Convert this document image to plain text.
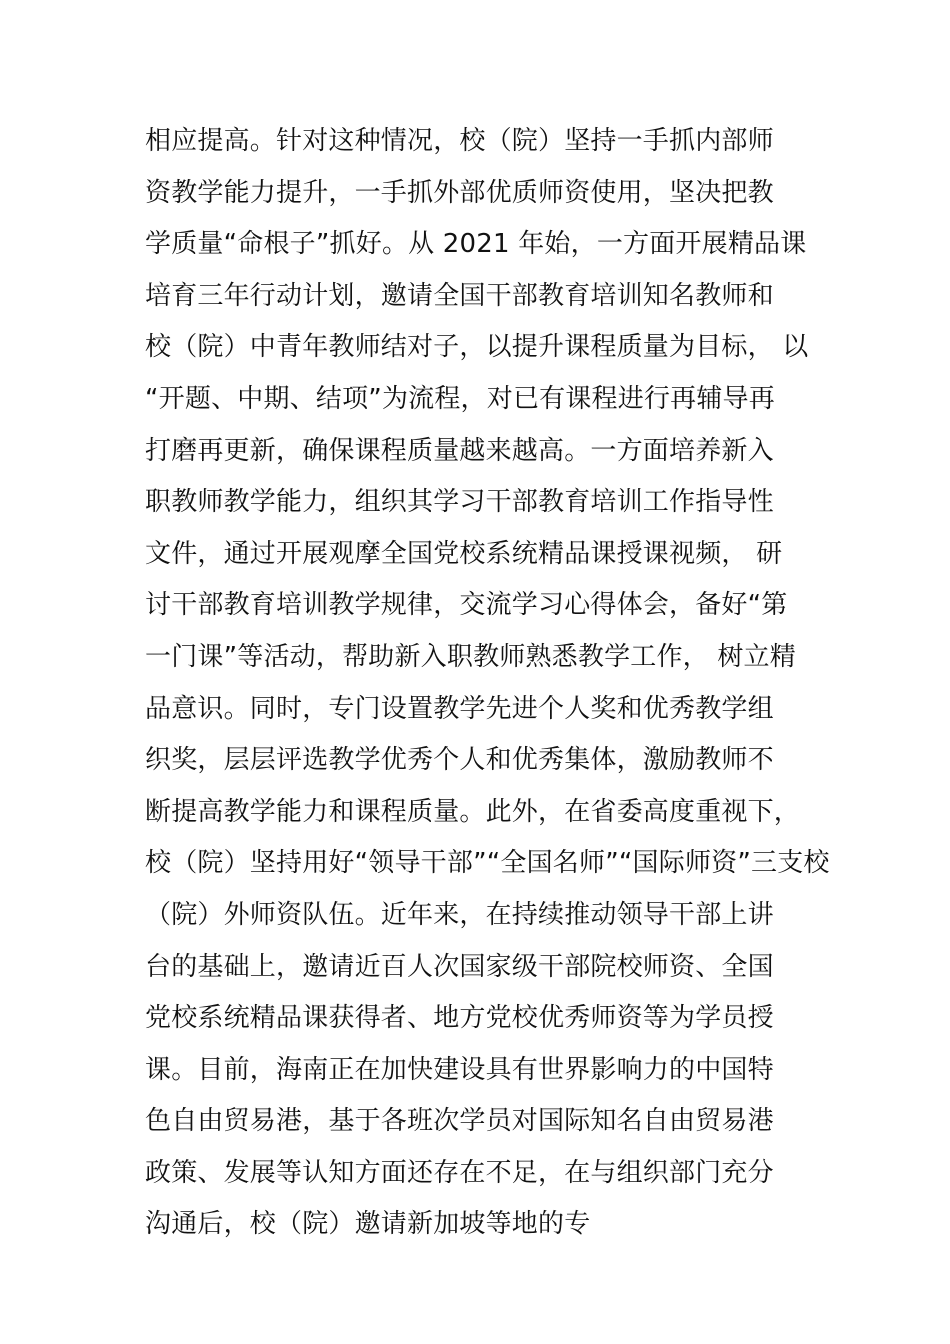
相应提高。针对这种情况，校（院）坚持一手抓内部师
资教学能力提升，一手抓外部优质师资使用，坚决把教
学质量“命根子”抓好。从 2021 年始，一方面开展精品课
培育三年行动计划，邀请全国干部教育培训知名教师和
校（院）中青年教师结对子，以提升课程质量为目标， 以
“开题、中期、结项”为流程，对已有课程进行再辅导再
打磨再更新，确保课程质量越来越高。一方面培养新入
职教师教学能力，组织其学习干部教育培训工作指导性
文件，通过开展观摩全国党校系统精品课授课视频， 研
讨干部教育培训教学规律，交流学习心得体会，备好“第
一门课”等活动，帮助新入职教师熟悉教学工作， 树立精
品意识。同时，专门设置教学先进个人奖和优秀教学组
织奖，层层评选教学优秀个人和优秀集体，激励教师不
断提高教学能力和课程质量。此外，在省委高度重视下，
校（院）坚持用好“领导干部”“全国名师”“国际师资”三支校
（院）外师资队伍。近年来，在持续推动领导干部上讲
台的基础上，邀请近百人次国家级干部院校师资、全国
党校系统精品课获得者、地方党校优秀师资等为学员授
课。目前，海南正在加快建设具有世界影响力的中国特
色自由贸易港，基于各班次学员对国际知名自由贸易港
政策、发展等认知方面还存在不足，在与组织部门充分
沟通后，校（院）邀请新加坡等地的专
